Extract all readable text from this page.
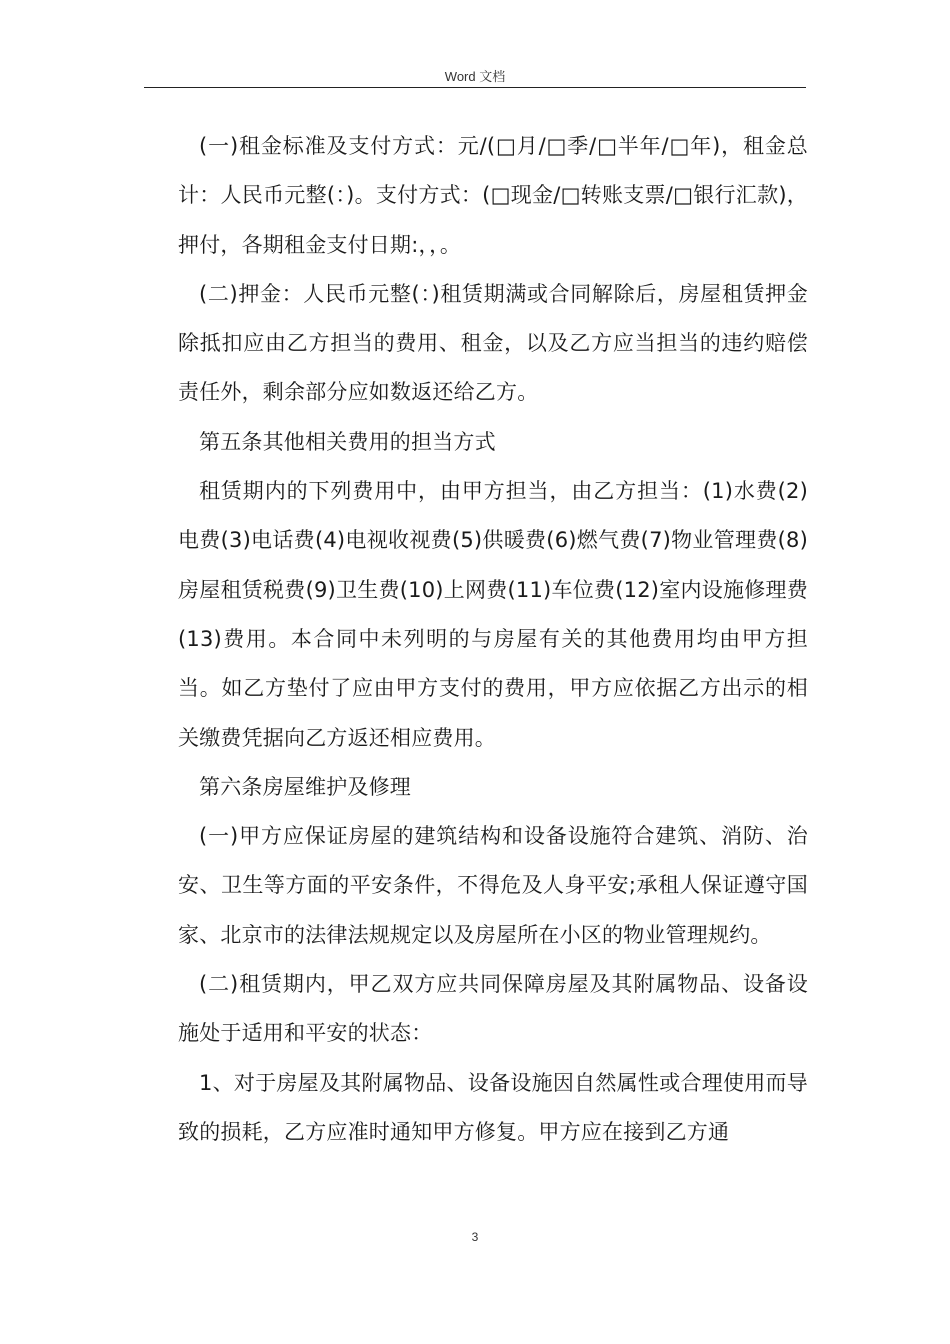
Word 文档

(一)租金标准及支付方式：元/(□月/□季/□半年/□年)，租金总计：人民币元整(：)。支付方式：(□现金/□转账支票/□银行汇款)，押付，各期租金支付日期:，，。

(二)押金：人民币元整(：)租赁期满或合同解除后，房屋租赁押金除抵扣应由乙方担当的费用、租金，以及乙方应当担当的违约赔偿责任外，剩余部分应如数返还给乙方。

第五条其他相关费用的担当方式

租赁期内的下列费用中，由甲方担当，由乙方担当：(1)水费(2)电费(3)电话费(4)电视收视费(5)供暖费(6)燃气费(7)物业管理费(8)房屋租赁税费(9)卫生费(10)上网费(11)车位费(12)室内设施修理费(13)费用。本合同中未列明的与房屋有关的其他费用均由甲方担当。如乙方垫付了应由甲方支付的费用，甲方应依据乙方出示的相关缴费凭据向乙方返还相应费用。

第六条房屋维护及修理

(一)甲方应保证房屋的建筑结构和设备设施符合建筑、消防、治安、卫生等方面的平安条件，不得危及人身平安;承租人保证遵守国家、北京市的法律法规规定以及房屋所在小区的物业管理规约。

(二)租赁期内，甲乙双方应共同保障房屋及其附属物品、设备设施处于适用和平安的状态：

1、对于房屋及其附属物品、设备设施因自然属性或合理使用而导致的损耗，乙方应准时通知甲方修复。甲方应在接到乙方通

3
